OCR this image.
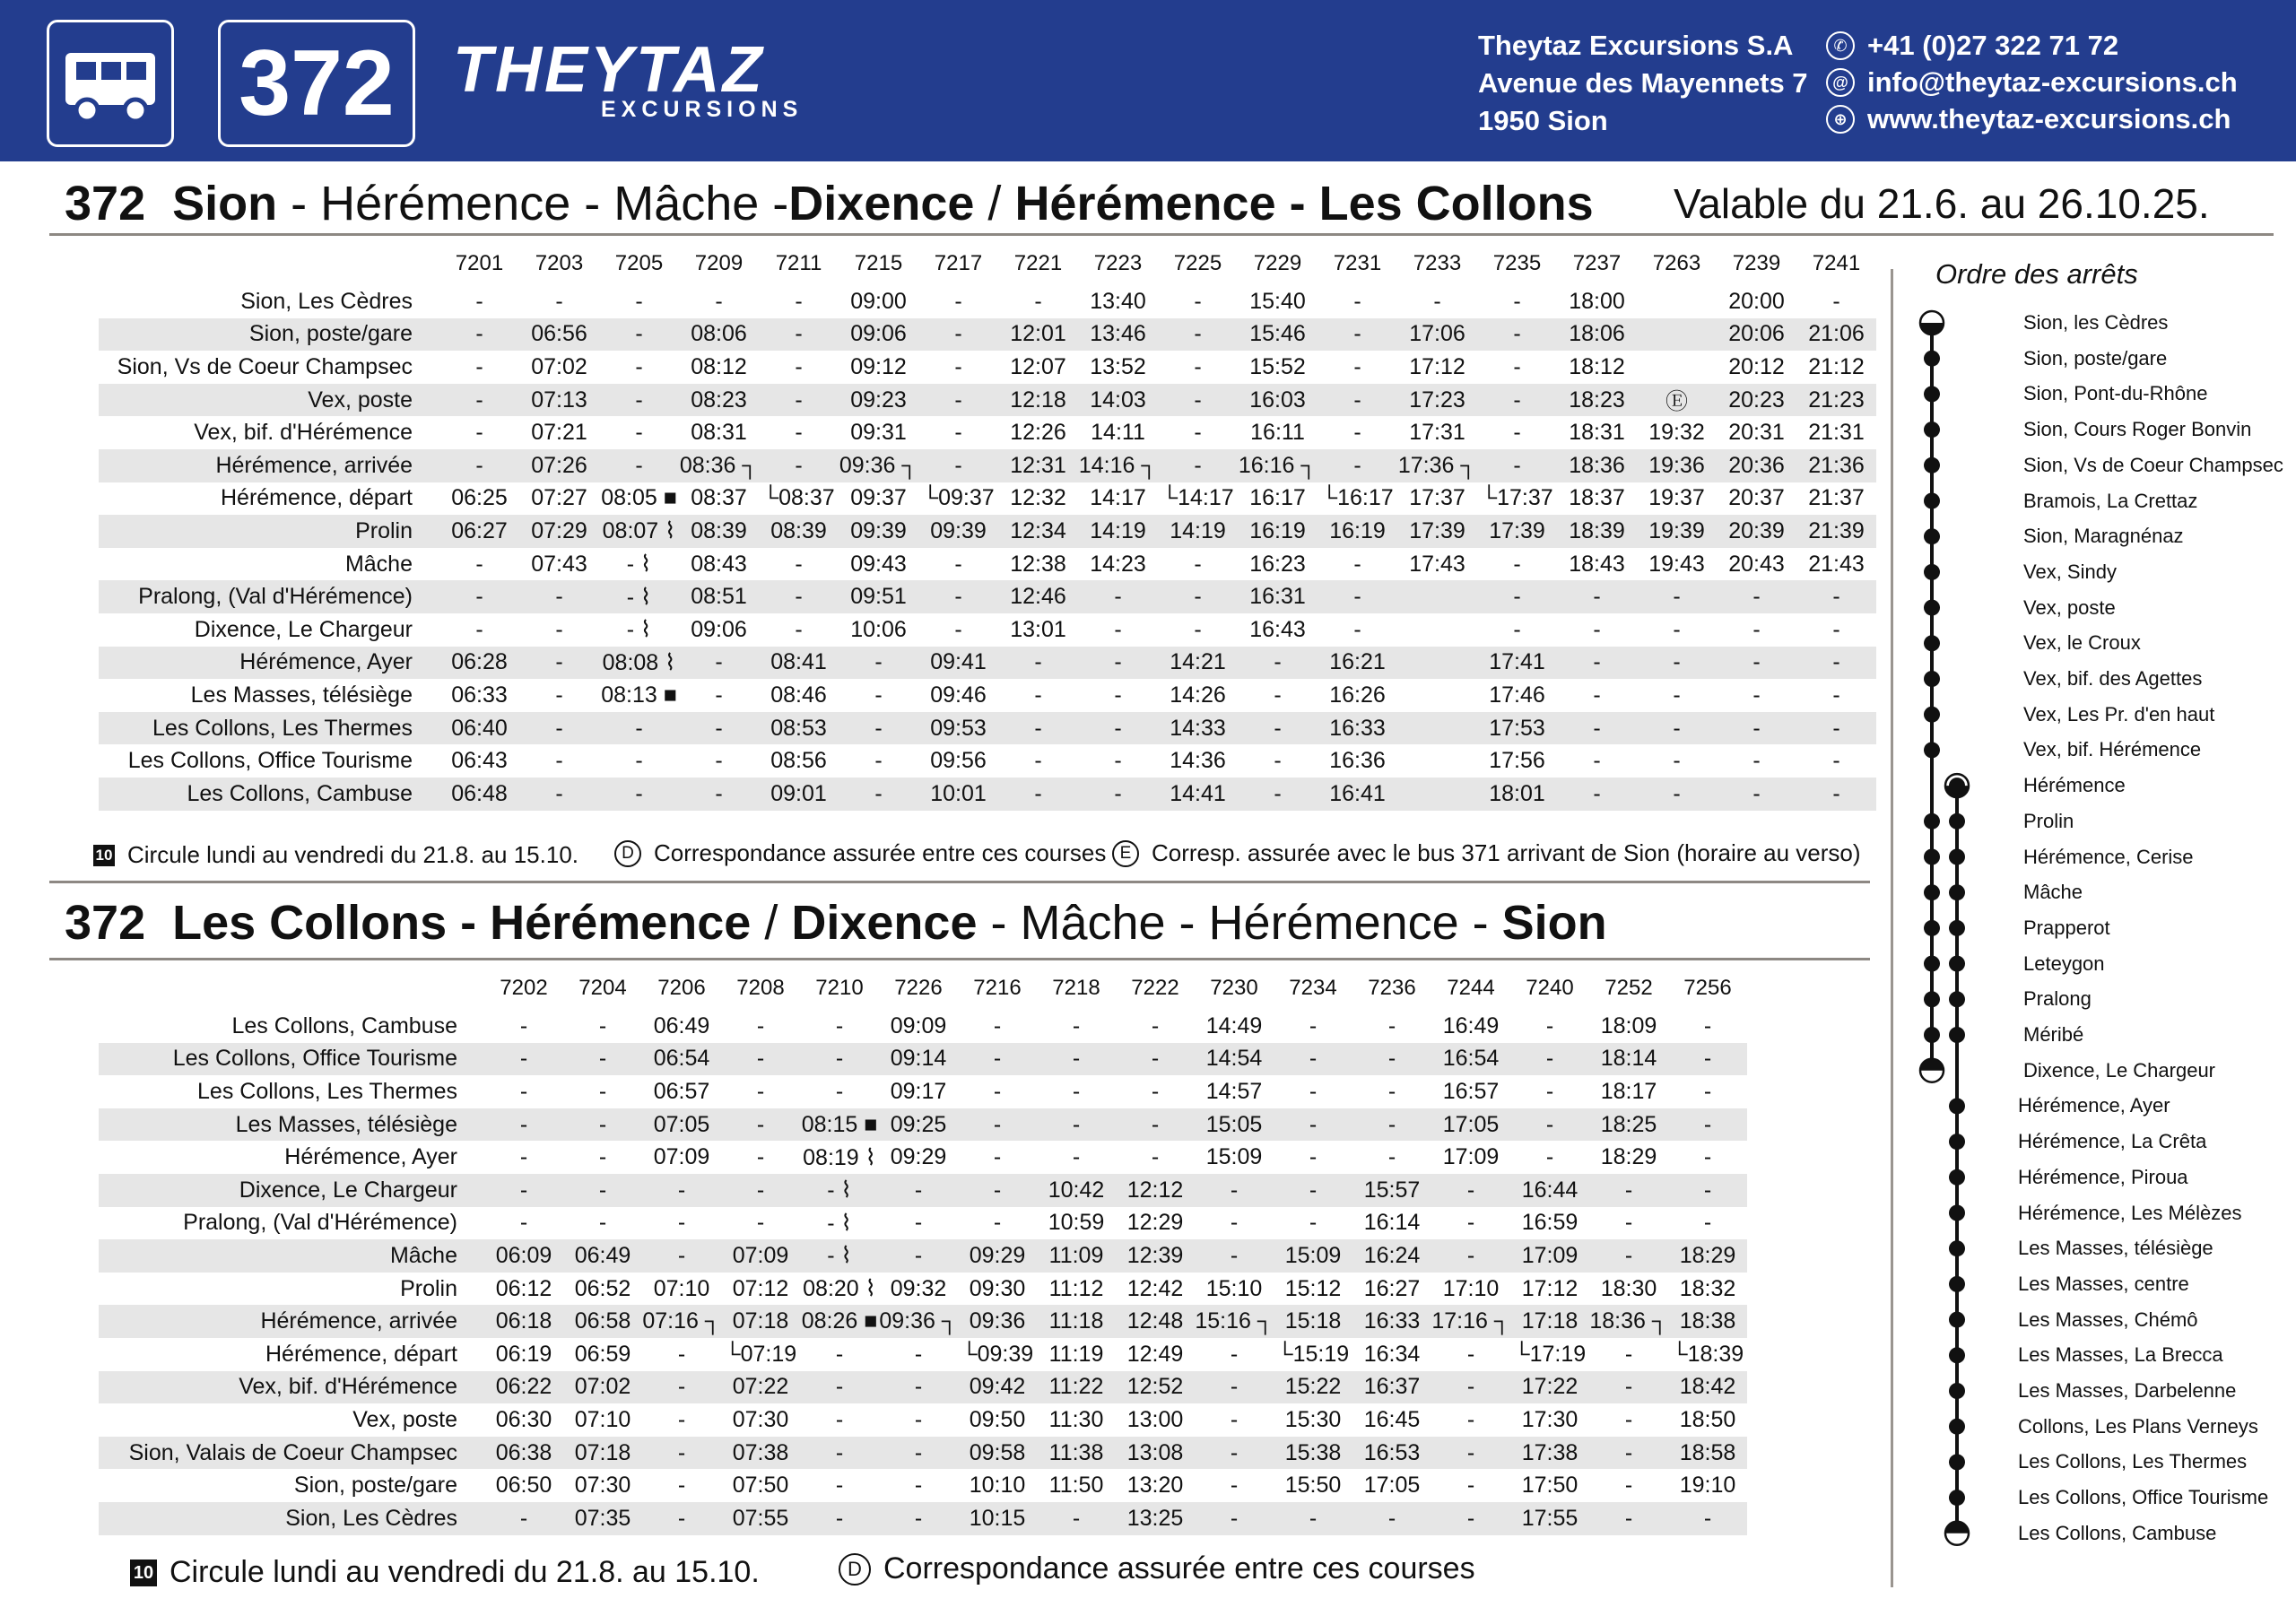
372 THEYTAZ
EXCURSIONS
Theytaz Excursions S.A
Avenue des Mayennets 7
1950 Sion
✆ +41 (0)27 322 71 72
@ info@theytaz-excursions.ch
⊕ www.theytaz-excursions.ch
372 Sion - Hérémence - Mâche -Dixence / Hérémence - Les Collons Valable du 21.6. au 26.10.25.
	7201	7203	7205	7209	7211	7215	7217	7221	7223	7225	7229	7231	7233	7235	7237	7263	7239	7241
Sion, Les Cèdres	-	-	-	-	-	09:00	-	-	13:40	-	15:40	-	-	-	18:00		20:00	-
Sion, poste/gare	-	06:56	-	08:06	-	09:06	-	12:01	13:46	-	15:46	-	17:06	-	18:06		20:06	21:06
Sion, Vs de Coeur Champsec	-	07:02	-	08:12	-	09:12	-	12:07	13:52	-	15:52	-	17:12	-	18:12		20:12	21:12
Vex, poste	-	07:13	-	08:23	-	09:23	-	12:18	14:03	-	16:03	-	17:23	-	18:23	Ⓔ	20:23	21:23
Vex, bif. d'Hérémence	-	07:21	-	08:31	-	09:31	-	12:26	14:11	-	16:11	-	17:31	-	18:31	19:32	20:31	21:31
Hérémence, arrivée	-	07:26	-	08:36 ┐	-	09:36 ┐	-	12:31	14:16 ┐	-	16:16 ┐	-	17:36 ┐	-	18:36	19:36	20:36	21:36
Hérémence, départ	06:25	07:27	08:05 ■	08:37	└08:37	09:37	└09:37	12:32	14:17	└14:17	16:17	└16:17	17:37	└17:37	18:37	19:37	20:37	21:37
Prolin	06:27	07:29	08:07 ⌇	08:39	08:39	09:39	09:39	12:34	14:19	14:19	16:19	16:19	17:39	17:39	18:39	19:39	20:39	21:39
Mâche	-	07:43	- ⌇	08:43	-	09:43	-	12:38	14:23	-	16:23	-	17:43	-	18:43	19:43	20:43	21:43
Pralong, (Val d'Hérémence)	-	-	- ⌇	08:51	-	09:51	-	12:46	-	-	16:31	-		-	-	-	-	-
Dixence, Le Chargeur	-	-	- ⌇	09:06	-	10:06	-	13:01	-	-	16:43	-		-	-	-	-	-
Hérémence, Ayer	06:28	-	08:08 ⌇	-	08:41	-	09:41	-	-	14:21	-	16:21		17:41	-	-	-	-
Les Masses, télésiège	06:33	-	08:13 ■	-	08:46	-	09:46	-	-	14:26	-	16:26		17:46	-	-	-	-
Les Collons, Les Thermes	06:40	-	-	-	08:53	-	09:53	-	-	14:33	-	16:33		17:53	-	-	-	-
Les Collons, Office Tourisme	06:43	-	-	-	08:56	-	09:56	-	-	14:36	-	16:36		17:56	-	-	-	-
Les Collons, Cambuse	06:48	-	-	-	09:01	-	10:01	-	-	14:41	-	16:41		18:01	-	-	-	-
10 Circule lundi au vendredi du 21.8. au 15.10.	D Correspondance assurée entre ces courses E Corresp. assurée avec le bus 371 arrivant de Sion (horaire au verso)
372 Les Collons - Hérémence / Dixence - Mâche - Hérémence - Sion
	7202	7204	7206	7208	7210	7226	7216	7218	7222	7230	7234	7236	7244	7240	7252	7256
Les Collons, Cambuse	-	-	06:49	-	-	09:09	-	-	-	14:49	-	-	16:49	-	18:09	-
Les Collons, Office Tourisme	-	-	06:54	-	-	09:14	-	-	-	14:54	-	-	16:54	-	18:14	-
Les Collons, Les Thermes	-	-	06:57	-	-	09:17	-	-	-	14:57	-	-	16:57	-	18:17	-
Les Masses, télésiège	-	-	07:05	-	08:15 ■	09:25	-	-	-	15:05	-	-	17:05	-	18:25	-
Hérémence, Ayer	-	-	07:09	-	08:19 ⌇	09:29	-	-	-	15:09	-	-	17:09	-	18:29	-
Dixence, Le Chargeur	-	-	-	-	- ⌇	-	-	10:42	12:12	-	-	15:57	-	16:44	-	-
Pralong, (Val d'Hérémence)	-	-	-	-	- ⌇	-	-	10:59	12:29	-	-	16:14	-	16:59	-	-
Mâche	06:09	06:49	-	07:09	- ⌇	-	09:29	11:09	12:39	-	15:09	16:24	-	17:09	-	18:29
Prolin	06:12	06:52	07:10	07:12	08:20 ⌇	09:32	09:30	11:12	12:42	15:10	15:12	16:27	17:10	17:12	18:30	18:32
Hérémence, arrivée	06:18	06:58	07:16 ┐	07:18	08:26 ■	09:36 ┐	09:36	11:18	12:48	15:16 ┐	15:18	16:33	17:16 ┐	17:18	18:36 ┐	18:38
Hérémence, départ	06:19	06:59	-	└07:19	-	-	└09:39	11:19	12:49	-	└15:19	16:34	-	└17:19	-	└18:39
Vex, bif. d'Hérémence	06:22	07:02	-	07:22	-	-	09:42	11:22	12:52	-	15:22	16:37	-	17:22	-	18:42
Vex, poste	06:30	07:10	-	07:30	-	-	09:50	11:30	13:00	-	15:30	16:45	-	17:30	-	18:50
Sion, Valais de Coeur Champsec	06:38	07:18	-	07:38	-	-	09:58	11:38	13:08	-	15:38	16:53	-	17:38	-	18:58
Sion, poste/gare	06:50	07:30	-	07:50	-	-	10:10	11:50	13:20	-	15:50	17:05	-	17:50	-	19:10
Sion, Les Cèdres	-	07:35	-	07:55	-	-	10:15	-	13:25	-	-	-	-	17:55	-	-
10 Circule lundi au vendredi du 21.8. au 15.10.	D Correspondance assurée entre ces courses
Ordre des arrêts
Sion, les Cèdres
Sion, poste/gare
Sion, Pont-du-Rhône
Sion, Cours Roger Bonvin
Sion, Vs de Coeur Champsec
Bramois, La Crettaz
Sion, Maragnénaz
Vex, Sindy
Vex, poste
Vex, le Croux
Vex, bif. des Agettes
Vex, Les Pr. d'en haut
Vex, bif. Hérémence
Hérémence
Prolin
Hérémence, Cerise
Mâche
Prapperot
Leteygon
Pralong
Méribé
Dixence, Le Chargeur
Hérémence, Ayer
Hérémence, La Crêta
Hérémence, Piroua
Hérémence, Les Mélèzes
Les Masses, télésiège
Les Masses, centre
Les Masses, Chémô
Les Masses, La Brecca
Les Masses, Darbelenne
Collons, Les Plans Verneys
Les Collons, Les Thermes
Les Collons, Office Tourisme
Les Collons, Cambuse
